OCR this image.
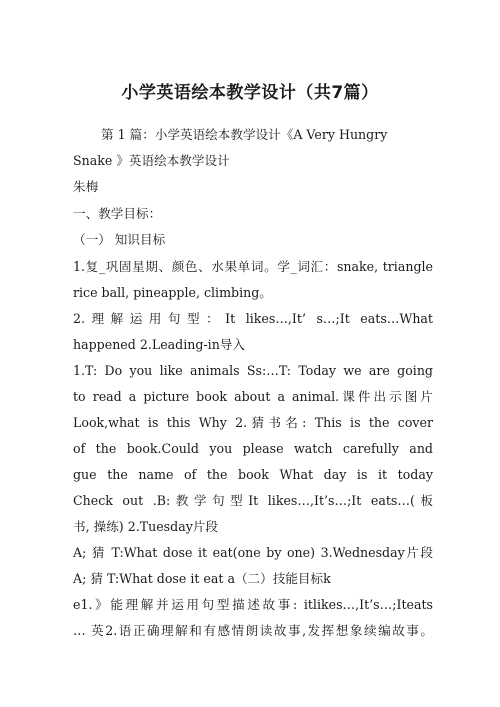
小学英语绘本教学设计（共7篇）
第 1 篇：小学英语绘本教学设计《A Very Hungry
Snake 》英语绘本教学设计
朱梅
一、教学目标：
（一） 知识目标
1.复_巩固星期、颜色、水果单词。学_词汇：snake, triangle
rice ball, pineapple, climbing。
2.理解运用句型：It likes…,It’ s…;It eats…What
happened 2.Leading-in导入
1.T: Do you like animals Ss:…T: Today we are going
to read a picture book about a animal.课件出示图片
Look,what is this Why 2.猜书名: This is the cover
of the book.Could you please watch carefully and
gue the name of the book What day is it today
Check out .B:教学句型It likes…,It’s…;It eats…(板
书, 操练) 2.Tuesday片段
A; 猜 T:What dose it eat(one by one) 3.Wednesday片段
A; 猜 T:What dose it eat a（二）技能目标k
e1.》能理解并运用句型描述故事: itlikes…,It’s…;Iteats
… 英2.语正确理解和有感情朗读故事,发挥想象续编故事。
